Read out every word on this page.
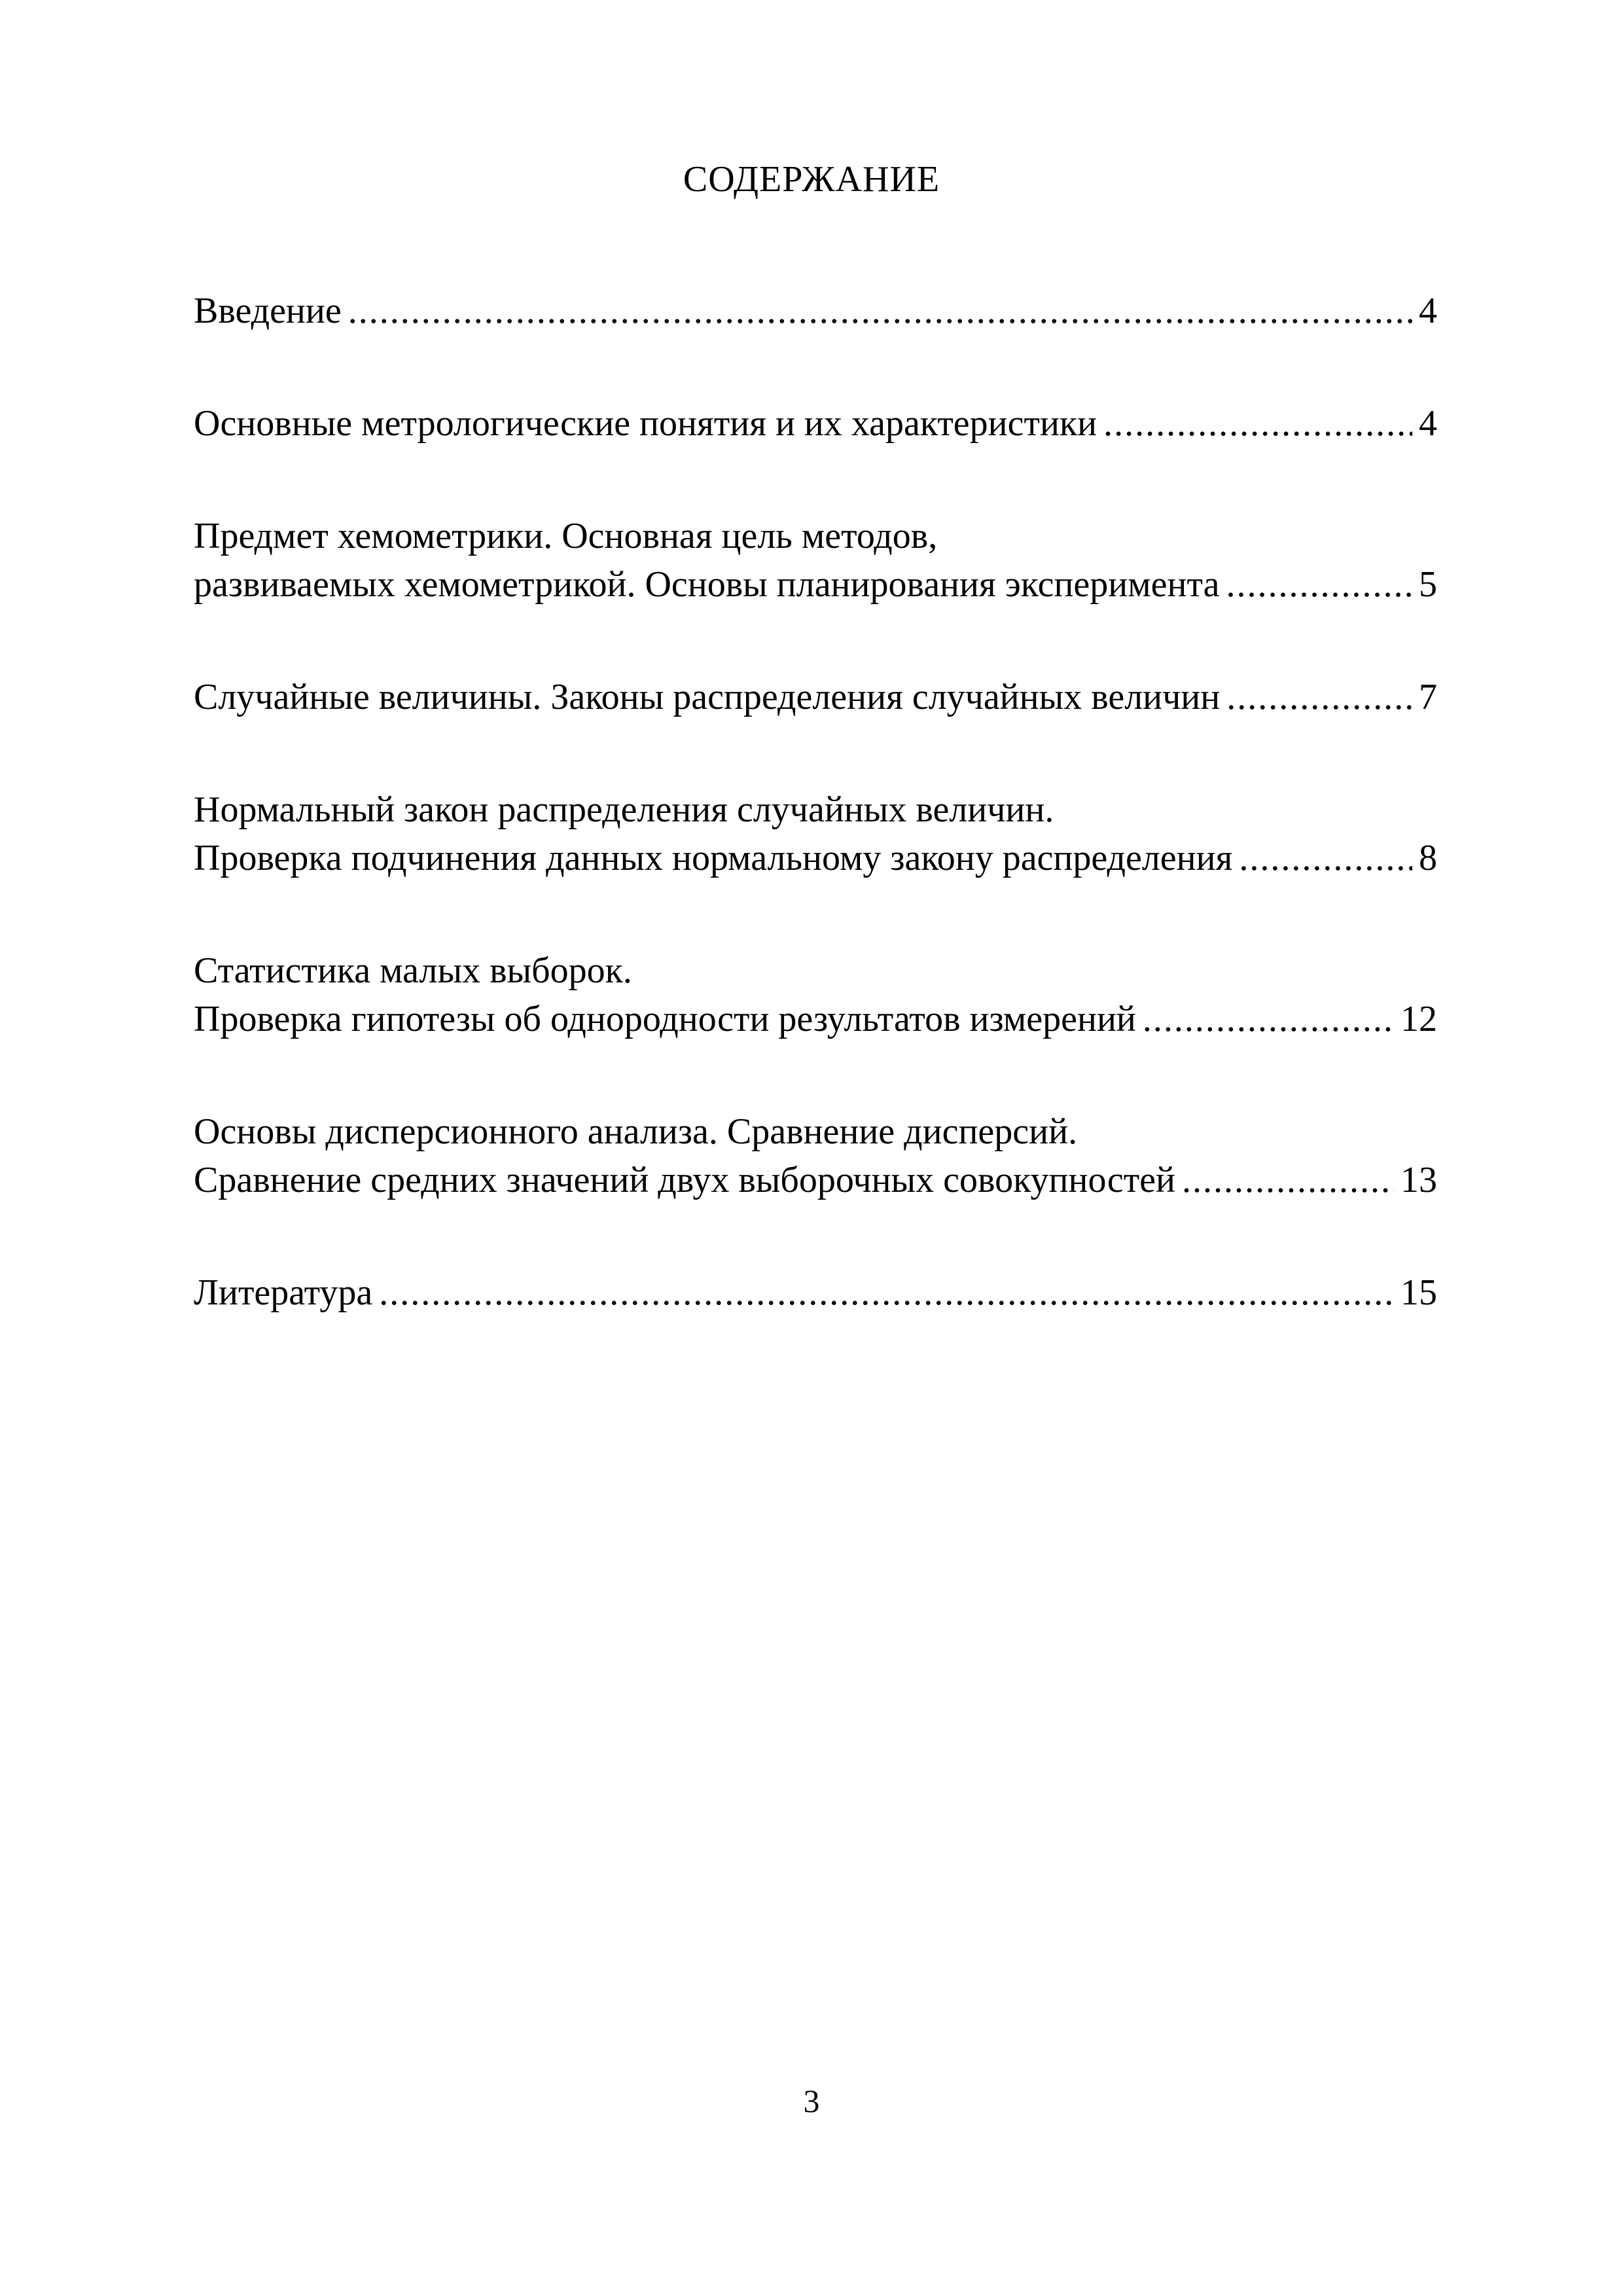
СОДЕРЖАНИЕ
Введение .....	4
Основные метрологические понятия и их характеристики .....	4
Предмет хемометрики. Основная цель методов,
развиваемых хемометрикой. Основы планирования эксперимента .....	5
Случайные величины. Законы распределения случайных величин .....	7
Нормальный закон распределения случайных величин.
Проверка подчинения данных нормальному закону распределения .....	8
Статистика малых выборок.
Проверка гипотезы об однородности результатов измерений .....	12
Основы дисперсионного анализа. Сравнение дисперсий.
Сравнение средних значений двух выборочных совокупностей .....	13
Литература .....	15
3
